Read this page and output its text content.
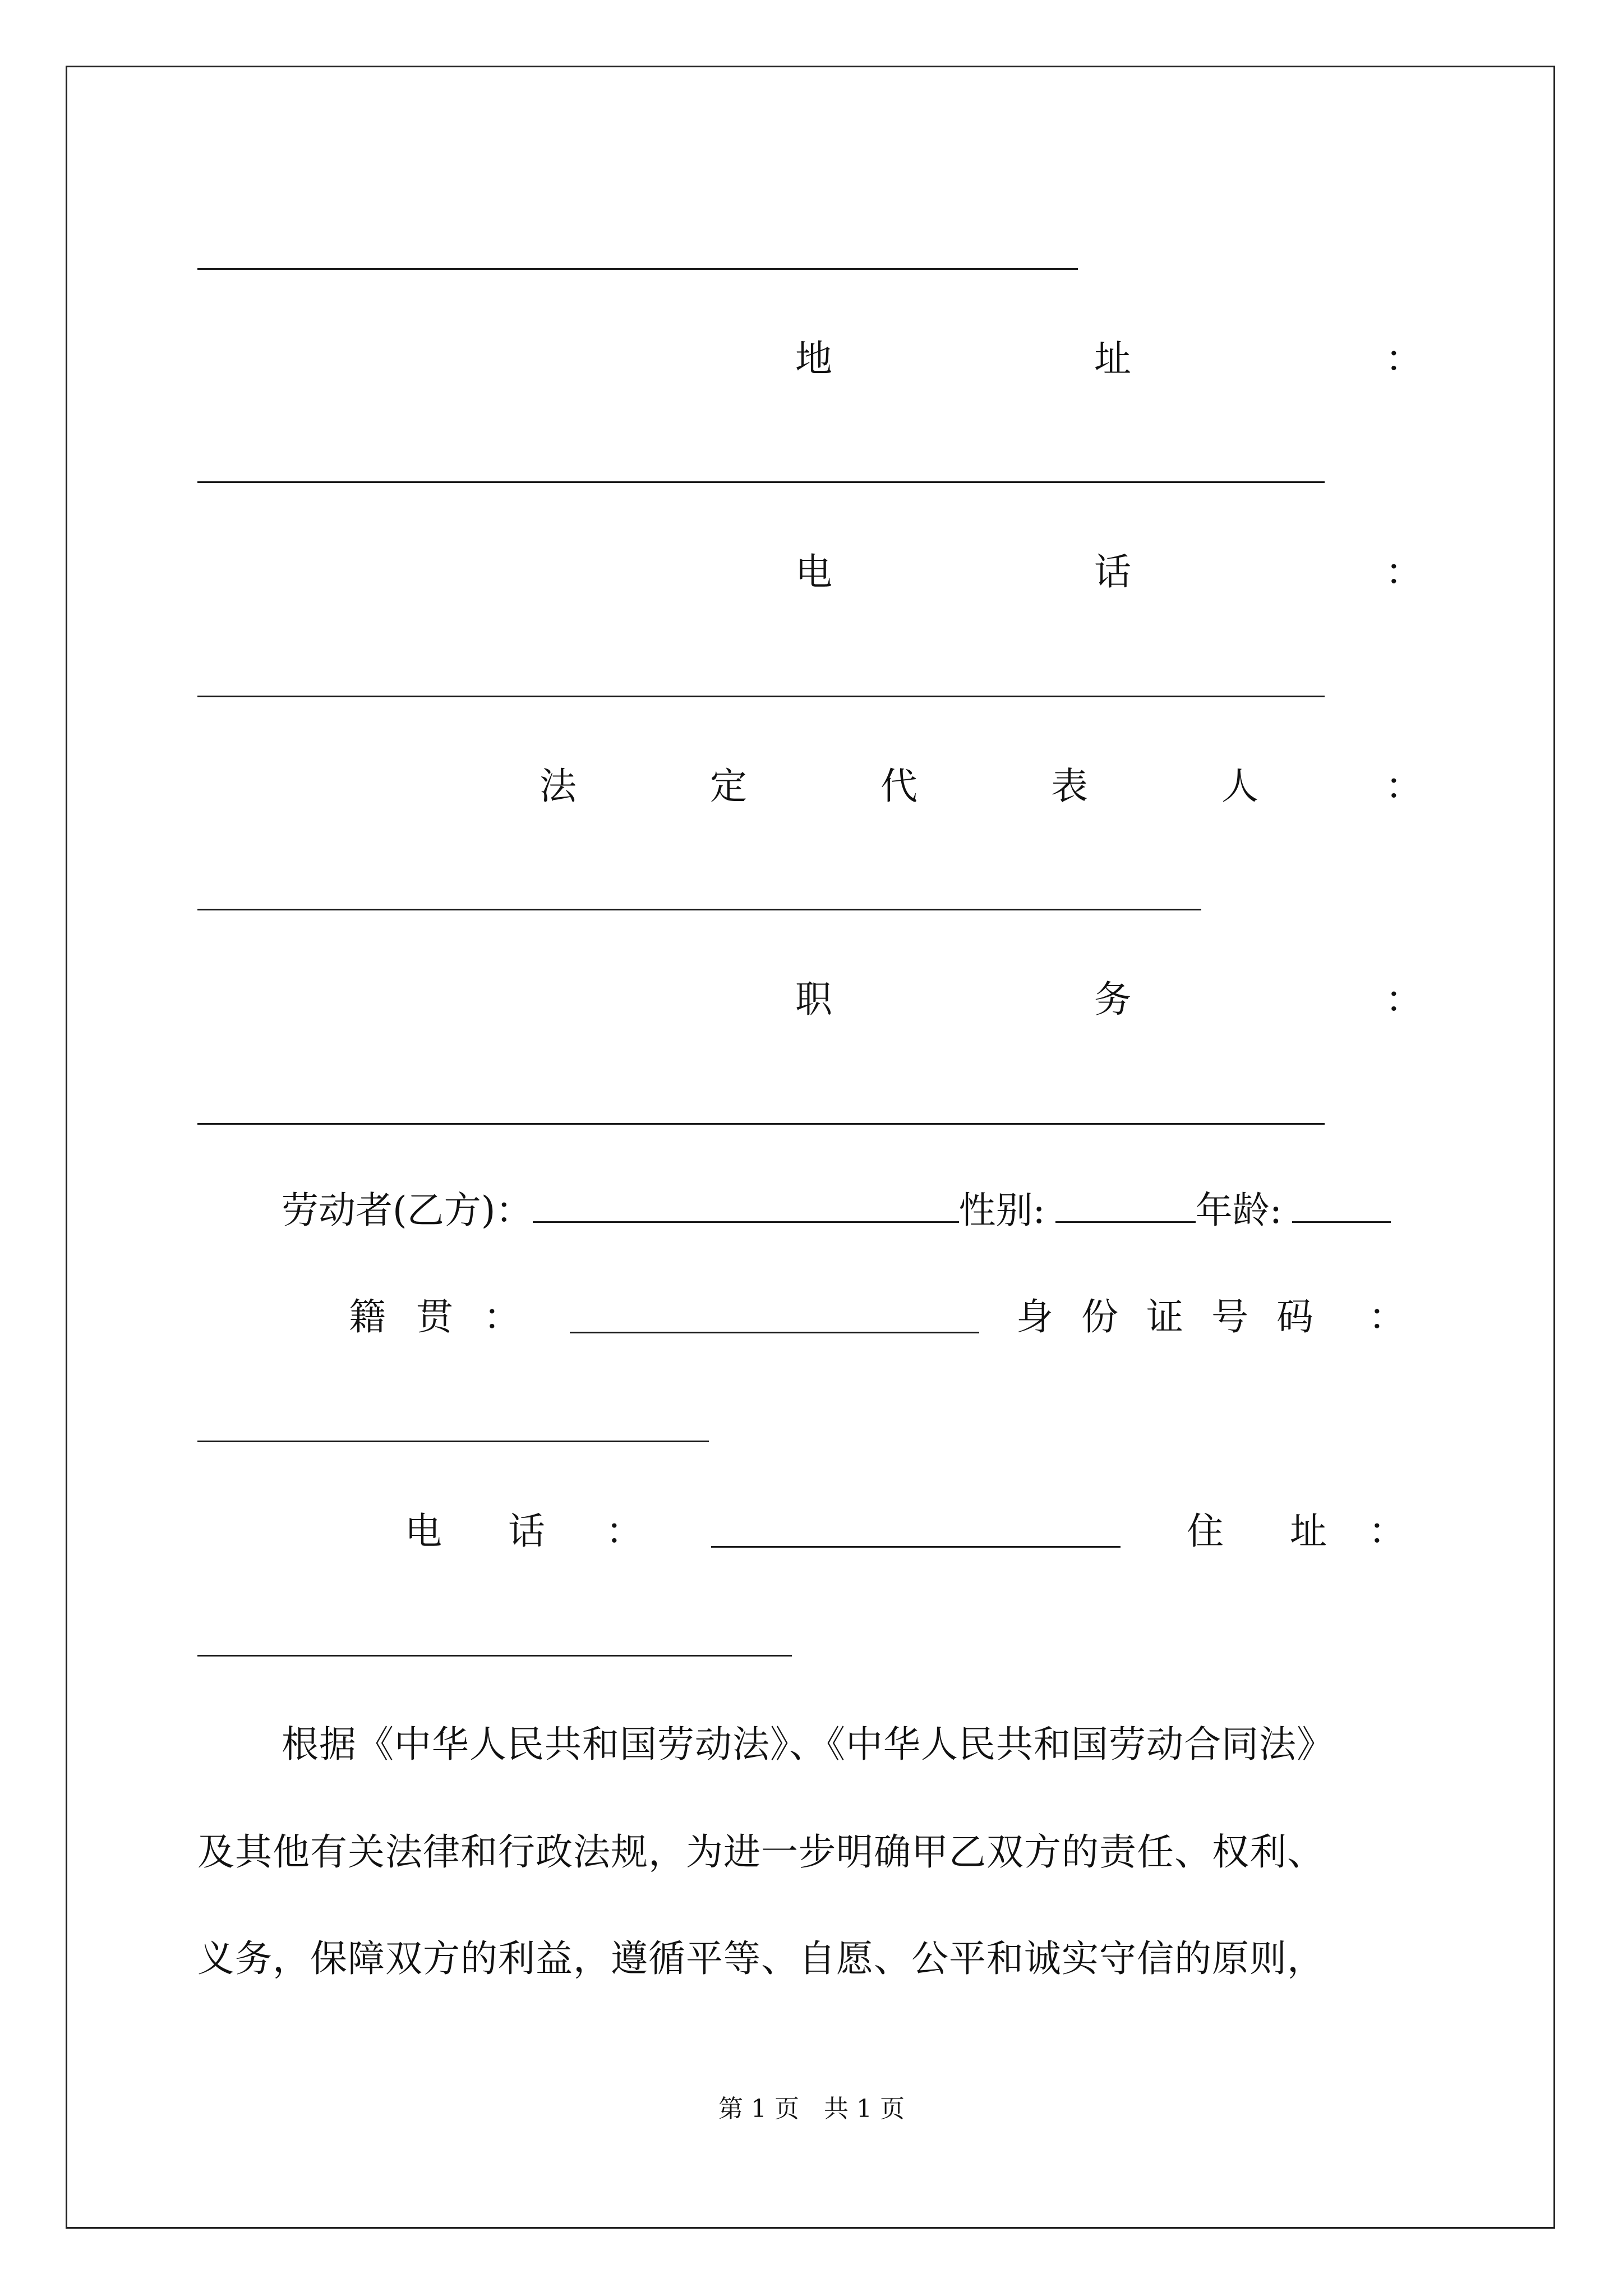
地	址	：
电	话	：
法	定	代	表	人	：
职	务	：
劳动者(乙方)：	性别:	年龄:
籍 贯 ：	身 份 证 号 码 ：
电 话 ：	住 址 ：
根据《中华人民共和国劳动法》、《中华人民共和国劳动合同法》
及其他有关法律和行政法规，为进一步明确甲乙双方的责任、权利、
义务，保障双方的利益，遵循平等、自愿、公平和诚实守信的原则，
第 1 页　共 1 页
